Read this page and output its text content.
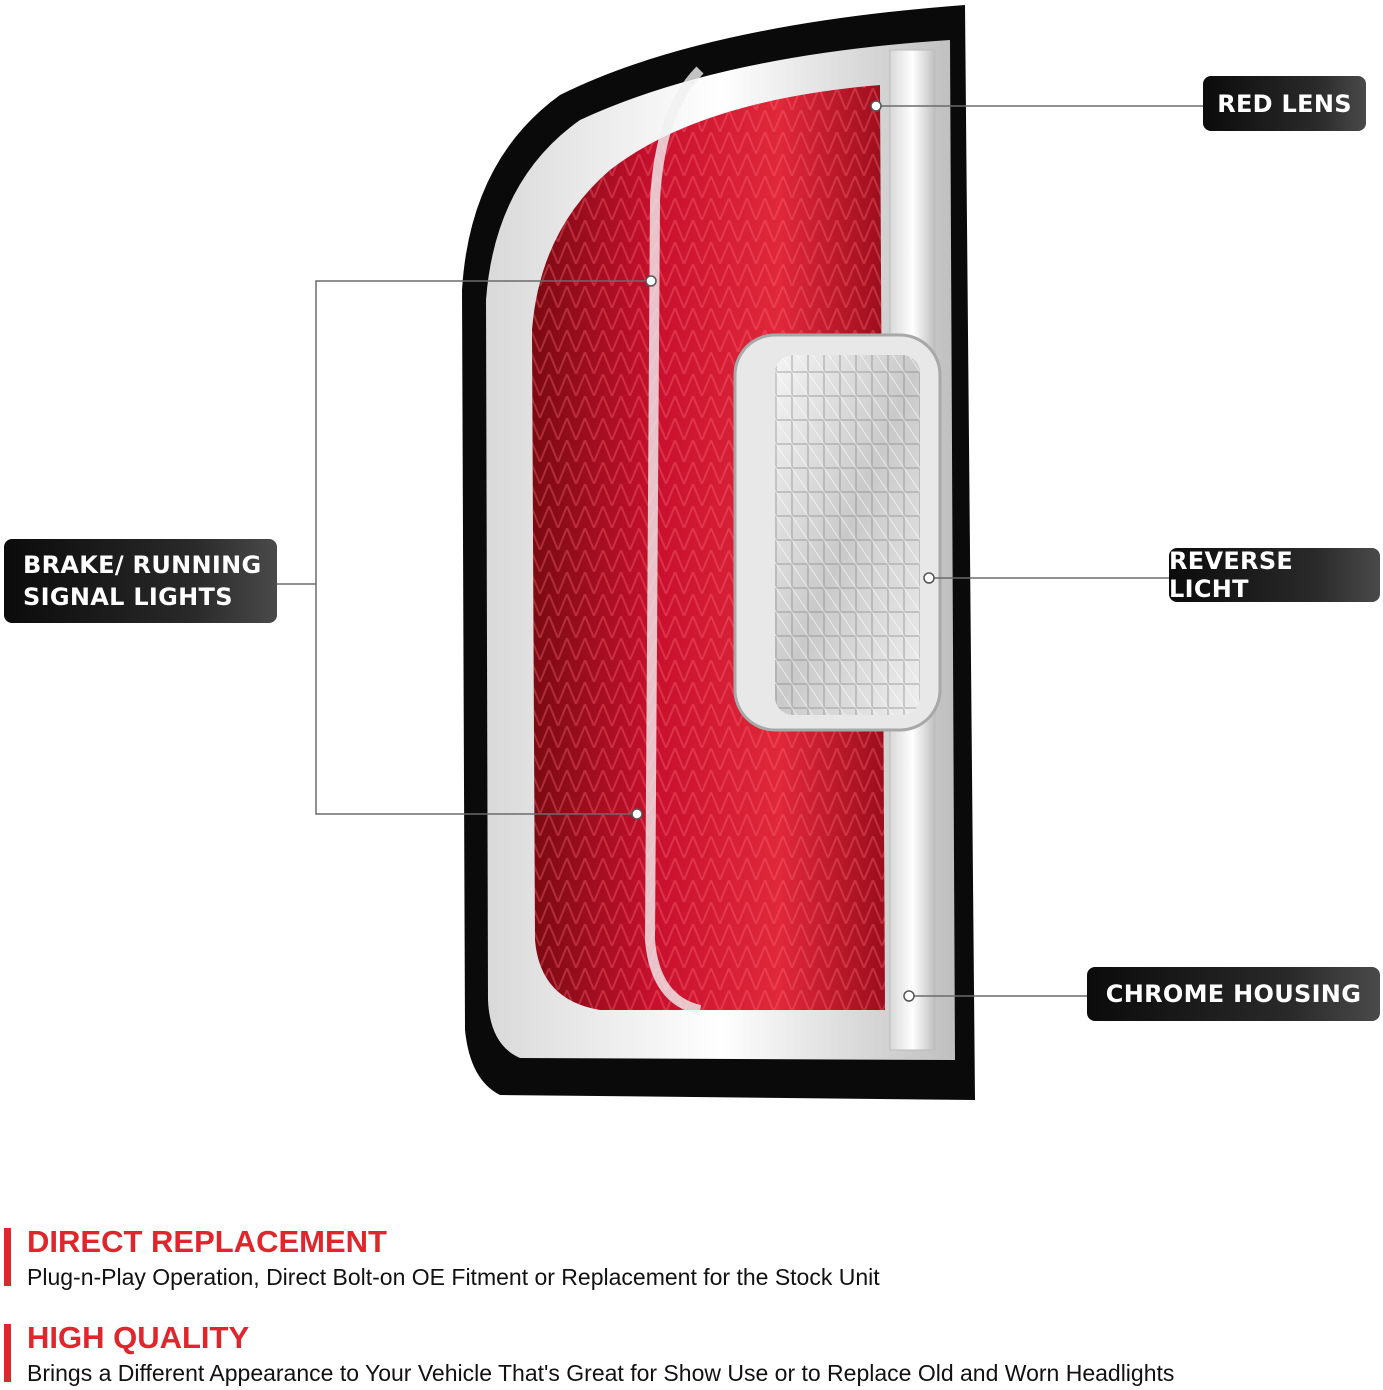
RED LENS
BRAKE/ RUNNING
SIGNAL LIGHTS
REVERSE LICHT
CHROME HOUSING
DIRECT REPLACEMENT
Plug-n-Play Operation, Direct Bolt-on OE Fitment or Replacement for the Stock Unit
HIGH QUALITY
Brings a Different Appearance to Your Vehicle That's Great for Show Use or to Replace Old and Worn Headlights
